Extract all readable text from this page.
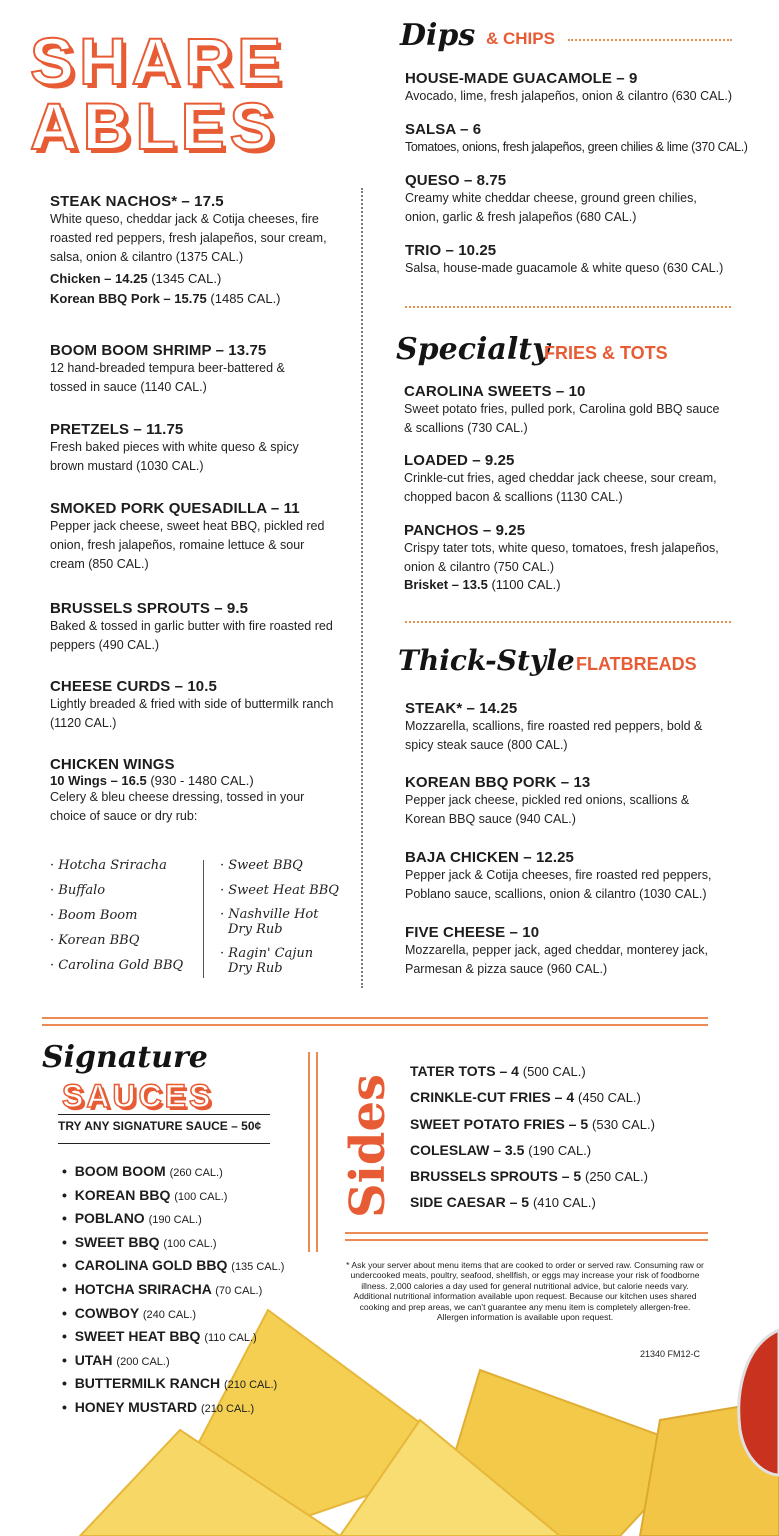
SHARE
ABLES
STEAK NACHOS* – 17.5
White queso, cheddar jack & Cotija cheeses, fire roasted red peppers, fresh jalapeños, sour cream, salsa, onion & cilantro (1375 CAL.)
Chicken – 14.25 (1345 CAL.)
Korean BBQ Pork – 15.75 (1485 CAL.)
BOOM BOOM SHRIMP – 13.75
12 hand-breaded tempura beer-battered & tossed in sauce (1140 CAL.)
PRETZELS – 11.75
Fresh baked pieces with white queso & spicy brown mustard (1030 CAL.)
SMOKED PORK QUESADILLA – 11
Pepper jack cheese, sweet heat BBQ, pickled red onion, fresh jalapeños, romaine lettuce & sour cream (850 CAL.)
BRUSSELS SPROUTS – 9.5
Baked & tossed in garlic butter with fire roasted red peppers (490 CAL.)
CHEESE CURDS – 10.5
Lightly breaded & fried with side of buttermilk ranch (1120 CAL.)
CHICKEN WINGS
10 Wings – 16.5 (930 - 1480 CAL.)
Celery & bleu cheese dressing, tossed in your choice of sauce or dry rub:
· Hotcha Sriracha
· Buffalo
· Boom Boom
· Korean BBQ
· Carolina Gold BBQ
· Sweet BBQ
· Sweet Heat BBQ
· Nashville Hot
Dry Rub
· Ragin' Cajun
Dry Rub
Dips & CHIPS
HOUSE-MADE GUACAMOLE – 9
Avocado, lime, fresh jalapeños, onion & cilantro (630 CAL.)
SALSA – 6
Tomatoes, onions, fresh jalapeños, green chilies & lime (370 CAL.)
QUESO – 8.75
Creamy white cheddar cheese, ground green chilies, onion, garlic & fresh jalapeños (680 CAL.)
TRIO – 10.25
Salsa, house-made guacamole & white queso (630 CAL.)
Specialty
FRIES & TOTS
CAROLINA SWEETS – 10
Sweet potato fries, pulled pork, Carolina gold BBQ sauce & scallions (730 CAL.)
LOADED – 9.25
Crinkle-cut fries, aged cheddar jack cheese, sour cream, chopped bacon & scallions (1130 CAL.)
PANCHOS – 9.25
Crispy tater tots, white queso, tomatoes, fresh jalapeños, onion & cilantro (750 CAL.)
Brisket – 13.5 (1100 CAL.)
Thick-Style FLATBREADS
STEAK* – 14.25
Mozzarella, scallions, fire roasted red peppers, bold & spicy steak sauce (800 CAL.)
KOREAN BBQ PORK – 13
Pepper jack cheese, pickled red onions, scallions & Korean BBQ sauce (940 CAL.)
BAJA CHICKEN – 12.25
Pepper jack & Cotija cheeses, fire roasted red peppers, Poblano sauce, scallions, onion & cilantro (1030 CAL.)
FIVE CHEESE – 10
Mozzarella, pepper jack, aged cheddar, monterey jack, Parmesan & pizza sauce (960 CAL.)
Signature
SAUCES
TRY ANY SIGNATURE SAUCE – 50¢
•  BOOM BOOM (260 CAL.)
•  KOREAN BBQ (100 CAL.)
•  POBLANO (190 CAL.)
•  SWEET BBQ (100 CAL.)
•  CAROLINA GOLD BBQ (135 CAL.)
•  HOTCHA SRIRACHA (70 CAL.)
•  COWBOY (240 CAL.)
•  SWEET HEAT BBQ (110 CAL.)
•  UTAH (200 CAL.)
•  BUTTERMILK RANCH (210 CAL.)
•  HONEY MUSTARD (210 CAL.)
Sides
TATER TOTS – 4 (500 CAL.)
CRINKLE-CUT FRIES – 4 (450 CAL.)
SWEET POTATO FRIES – 5 (530 CAL.)
COLESLAW – 3.5 (190 CAL.)
BRUSSELS SPROUTS – 5 (250 CAL.)
SIDE CAESAR – 5 (410 CAL.)
* Ask your server about menu items that are cooked to order or served raw. Consuming raw or undercooked meats, poultry, seafood, shellfish, or eggs may increase your risk of foodborne illness. 2,000 calories a day used for general nutritional advice, but calorie needs vary. Additional nutritional information available upon request. Because our kitchen uses shared cooking and prep areas, we can't guarantee any menu item is completely allergen-free. Allergen information is available upon request.
21340 FM12-C
